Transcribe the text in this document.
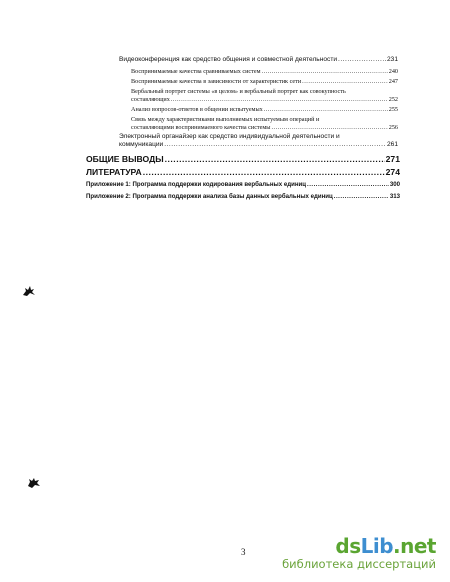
Видеоконференция как средство общения и совместной деятельности .....	231
Воспринимаемые качества сравниваемых систем .....	240
Воспринимаемые качества в зависимости от характеристик сети .....	247
Вербальный портрет системы «в целом» и вербальный портрет как совокупность
составляющих .....	252
Анализ вопросов-ответов в общении испытуемых .....	255
Связь между характеристиками выполняемых испытуемым операций и
составляющими воспринимаемого качества системы .....	256
Электронный органайзер как средство индивидуальной деятельности и
коммуникации .....	261
ОБЩИЕ ВЫВОДЫ .....	271
ЛИТЕРАТУРА .....	274
Приложение 1: Программа поддержки кодирования вербальных единиц .....	300
Приложение 2: Программа поддержки анализа базы данных вербальных единиц .....	313
3	dsLib.net
библиотека диссертаций
